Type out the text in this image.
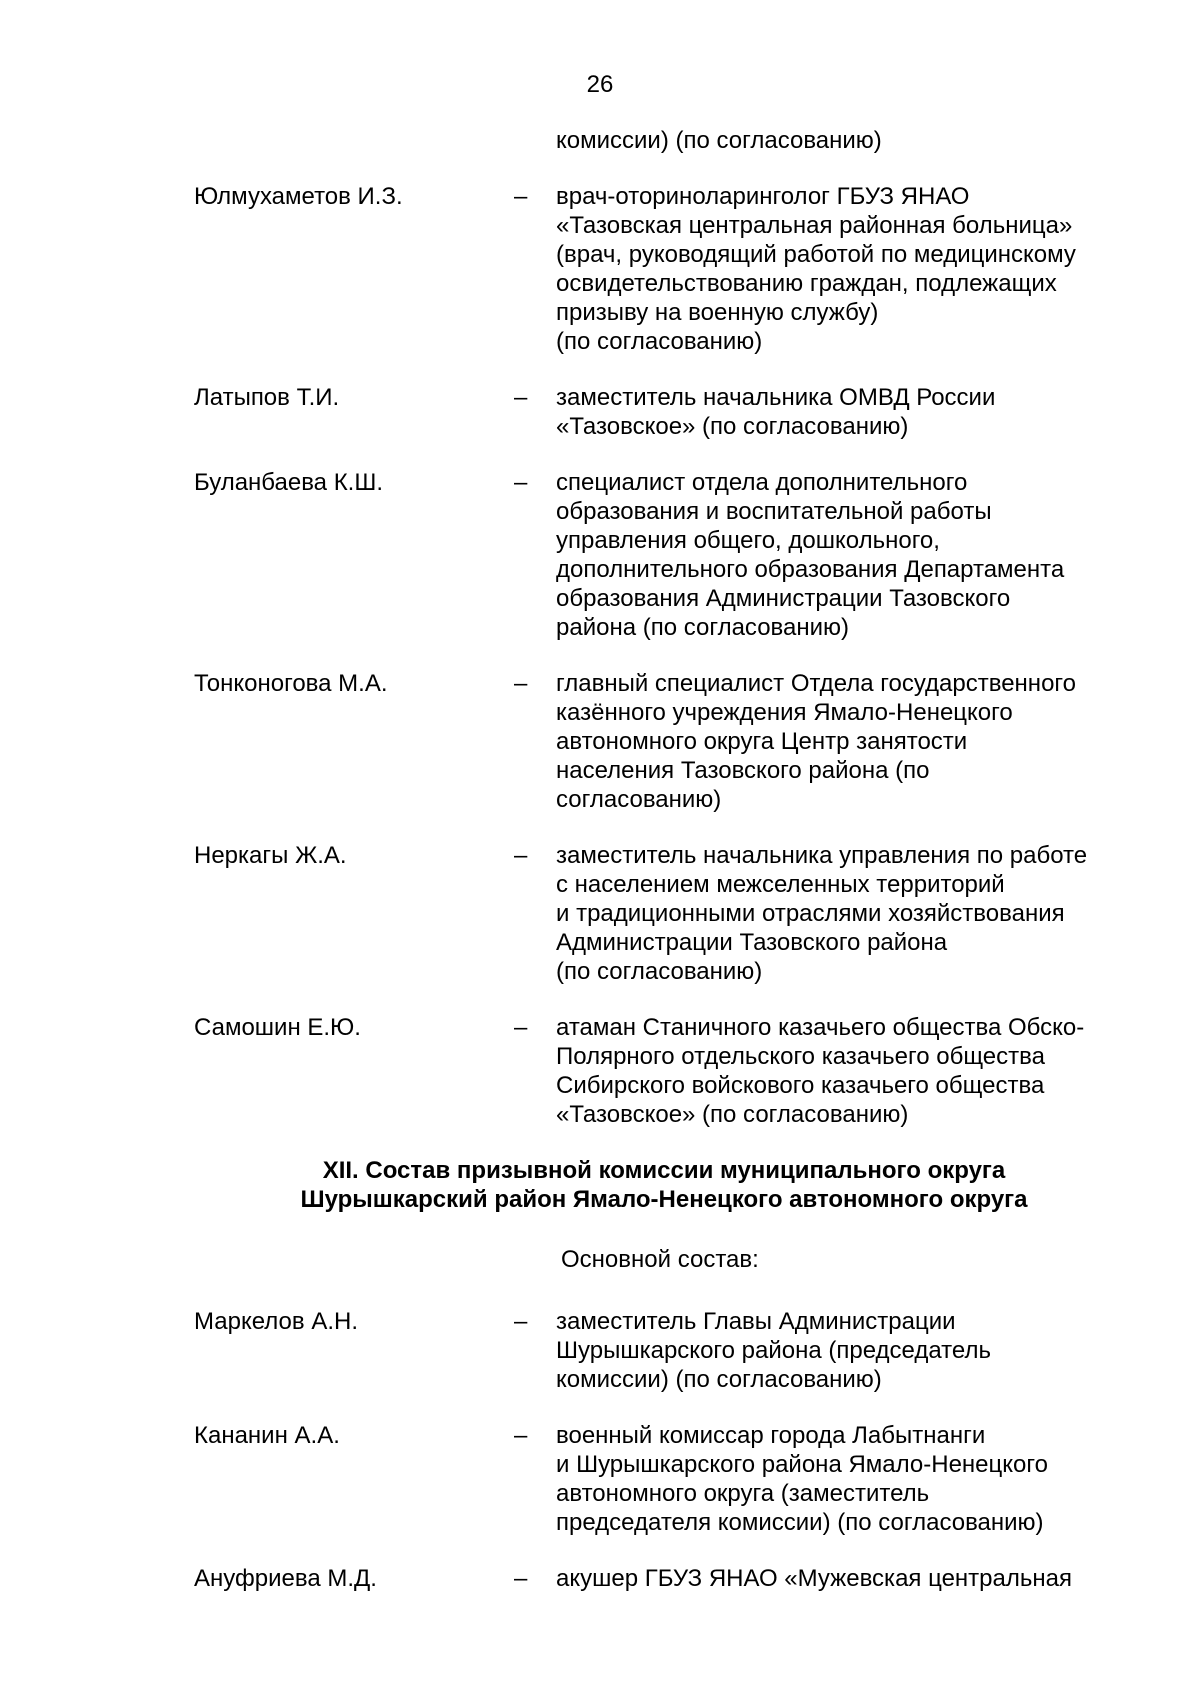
26
комиссии) (по согласованию)
Юлмухаметов И.З.	–	врач-оториноларинголог ГБУЗ ЯНАО
«Тазовская центральная районная больница»
(врач, руководящий работой по медицинскому
освидетельствованию граждан, подлежащих
призыву на военную службу)
(по согласованию)
Латыпов Т.И.	–	заместитель начальника ОМВД России
«Тазовское» (по согласованию)
Буланбаева К.Ш.	–	специалист отдела дополнительного
образования и воспитательной работы
управления общего, дошкольного,
дополнительного образования Департамента
образования Администрации Тазовского
района (по согласованию)
Тонконогова М.А.	–	главный специалист Отдела государственного
казённого учреждения Ямало-Ненецкого
автономного округа Центр занятости
населения Тазовского района (по
согласованию)
Неркагы Ж.А.	–	заместитель начальника управления по работе
с населением межселенных территорий
и традиционными отраслями хозяйствования
Администрации Тазовского района
(по согласованию)
Самошин Е.Ю.	–	атаман Станичного казачьего общества Обско-
Полярного отдельского казачьего общества
Сибирского войскового казачьего общества
«Тазовское» (по согласованию)
XII. Состав призывной комиссии муниципального округа
Шурышкарский район Ямало-Ненецкого автономного округа
Основной состав:
Маркелов А.Н.	–	заместитель Главы Администрации
Шурышкарского района (председатель
комиссии) (по согласованию)
Кананин А.А.	–	военный комиссар города Лабытнанги
и Шурышкарского района Ямало-Ненецкого
автономного округа (заместитель
председателя комиссии) (по согласованию)
Ануфриева М.Д.	–	акушер ГБУЗ ЯНАО «Мужевская центральная
